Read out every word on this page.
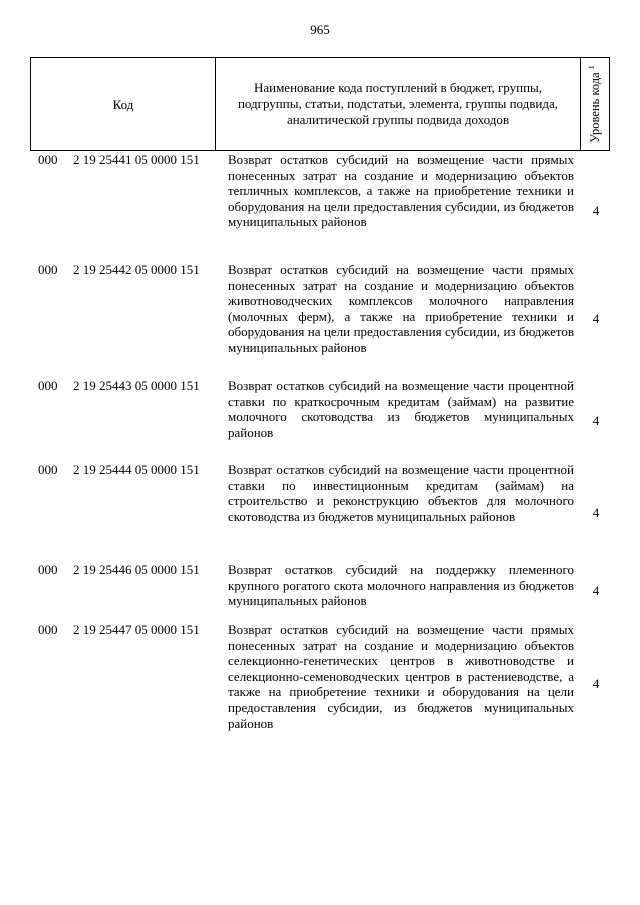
965
Код
Наименование кода поступлений в бюджет, группы, подгруппы, статьи, подстатьи, элемента, группы подвида, аналитической группы подвида доходов	Уровень кода $^1$
000 2 19 25441 05 0000 151 Возврат остатков субсидий на возмещение части прямых понесенных затрат на создание и модернизацию объектов тепличных комплексов, а также на приобретение техники и оборудования на цели предоставления субсидии, из бюджетов муниципальных районов
4
000 2 19 25442 05 0000 151 Возврат остатков субсидий на возмещение части прямых понесенных затрат на создание и модернизацию объектов животноводческих комплексов молочного направления (молочных ферм), а также на приобретение техники и оборудования на цели предоставления субсидии, из бюджетов муниципальных районов
4
000 2 19 25443 05 0000 151 Возврат остатков субсидий на возмещение части процентной ставки по краткосрочным кредитам (займам) на развитие молочного скотоводства из бюджетов муниципальных районов
4
000 2 19 25444 05 0000 151 Возврат остатков субсидий на возмещение части процентной ставки по инвестиционным кредитам (займам) на строительство и реконструкцию объектов для молочного скотоводства из бюджетов муниципальных районов	4
000 2 19 25446 05 0000 151 Возврат остатков субсидий на поддержку племенного крупного рогатого скота молочного направления из бюджетов муниципальных районов
4
000 2 19 25447 05 0000 151 Возврат остатков субсидий на возмещение части прямых понесенных затрат на создание и модернизацию объектов селекционно-генетических центров в животноводстве и селекционно-семеноводческих центров в растениеводстве, а также на приобретение техники и оборудования на цели предоставления субсидии, из бюджетов муниципальных районов
4
